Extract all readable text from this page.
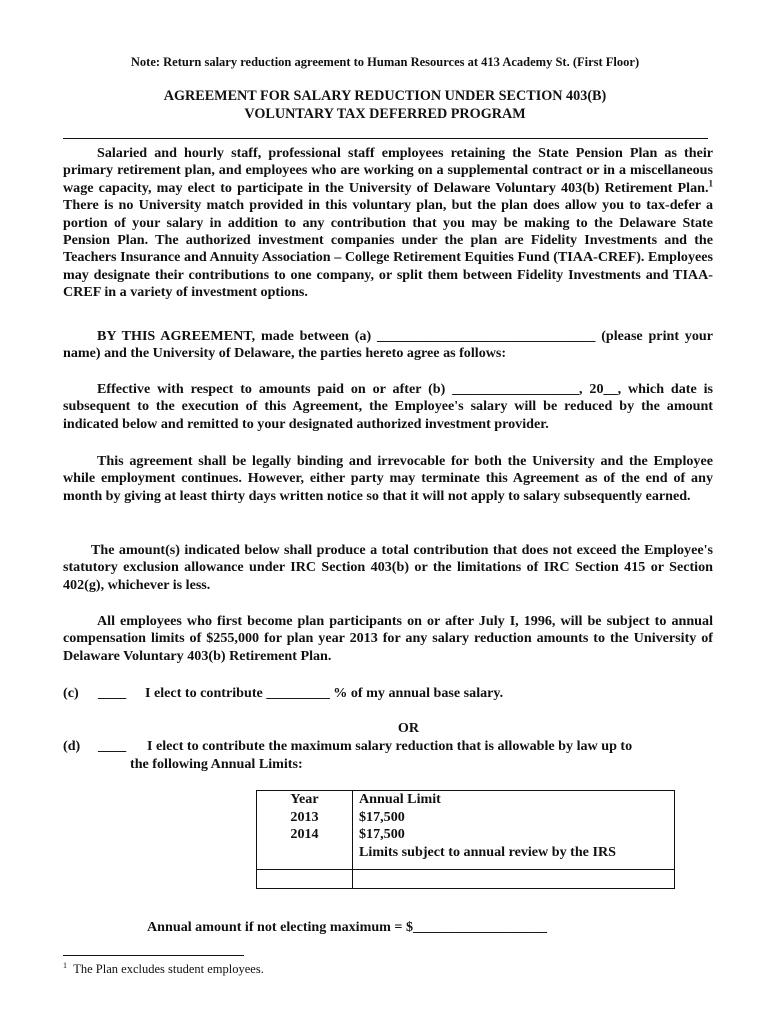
Note: Return salary reduction agreement to Human Resources at 413 Academy St. (First Floor)
AGREEMENT FOR SALARY REDUCTION UNDER SECTION 403(B)
VOLUNTARY TAX DEFERRED PROGRAM
Salaried and hourly staff, professional staff employees retaining the State Pension Plan as their primary retirement plan, and employees who are working on a supplemental contract or in a miscellaneous wage capacity, may elect to participate in the University of Delaware Voluntary 403(b) Retirement Plan.$^1$ There is no University match provided in this voluntary plan, but the plan does allow you to tax-defer a portion of your salary in addition to any contribution that you may be making to the Delaware State Pension Plan. The authorized investment companies under the plan are Fidelity Investments and the Teachers Insurance and Annuity Association – College Retirement Equities Fund (TIAA-CREF). Employees may designate their contributions to one company, or split them between Fidelity Investments and TIAA-CREF in a variety of investment options.
BY THIS AGREEMENT, made between (a) _______________________________ (please print your name) and the University of Delaware, the parties hereto agree as follows:
Effective with respect to amounts paid on or after (b) __________________, 20__, which date is subsequent to the execution of this Agreement, the Employee's salary will be reduced by the amount indicated below and remitted to your designated authorized investment provider.
This agreement shall be legally binding and irrevocable for both the University and the Employee while employment continues. However, either party may terminate this Agreement as of the end of any month by giving at least thirty days written notice so that it will not apply to salary subsequently earned.
The amount(s) indicated below shall produce a total contribution that does not exceed the Employee's statutory exclusion allowance under IRC Section 403(b) or the limitations of IRC Section 415 or Section 402(g), whichever is less.
All employees who first become plan participants on or after July I, 1996, will be subject to annual compensation limits of $255,000 for plan year 2013 for any salary reduction amounts to the University of Delaware Voluntary 403(b) Retirement Plan.
(c) ____ I elect to contribute _________ % of my annual base salary.
OR
(d) ____ I elect to contribute the maximum salary reduction that is allowable by law up to
the following Annual Limits:
Year	Annual Limit
2013	$17,500
2014	$17,500
	Limits subject to annual review by the IRS

Annual amount if not electing maximum = $___________________
$^1$ The Plan excludes student employees.
